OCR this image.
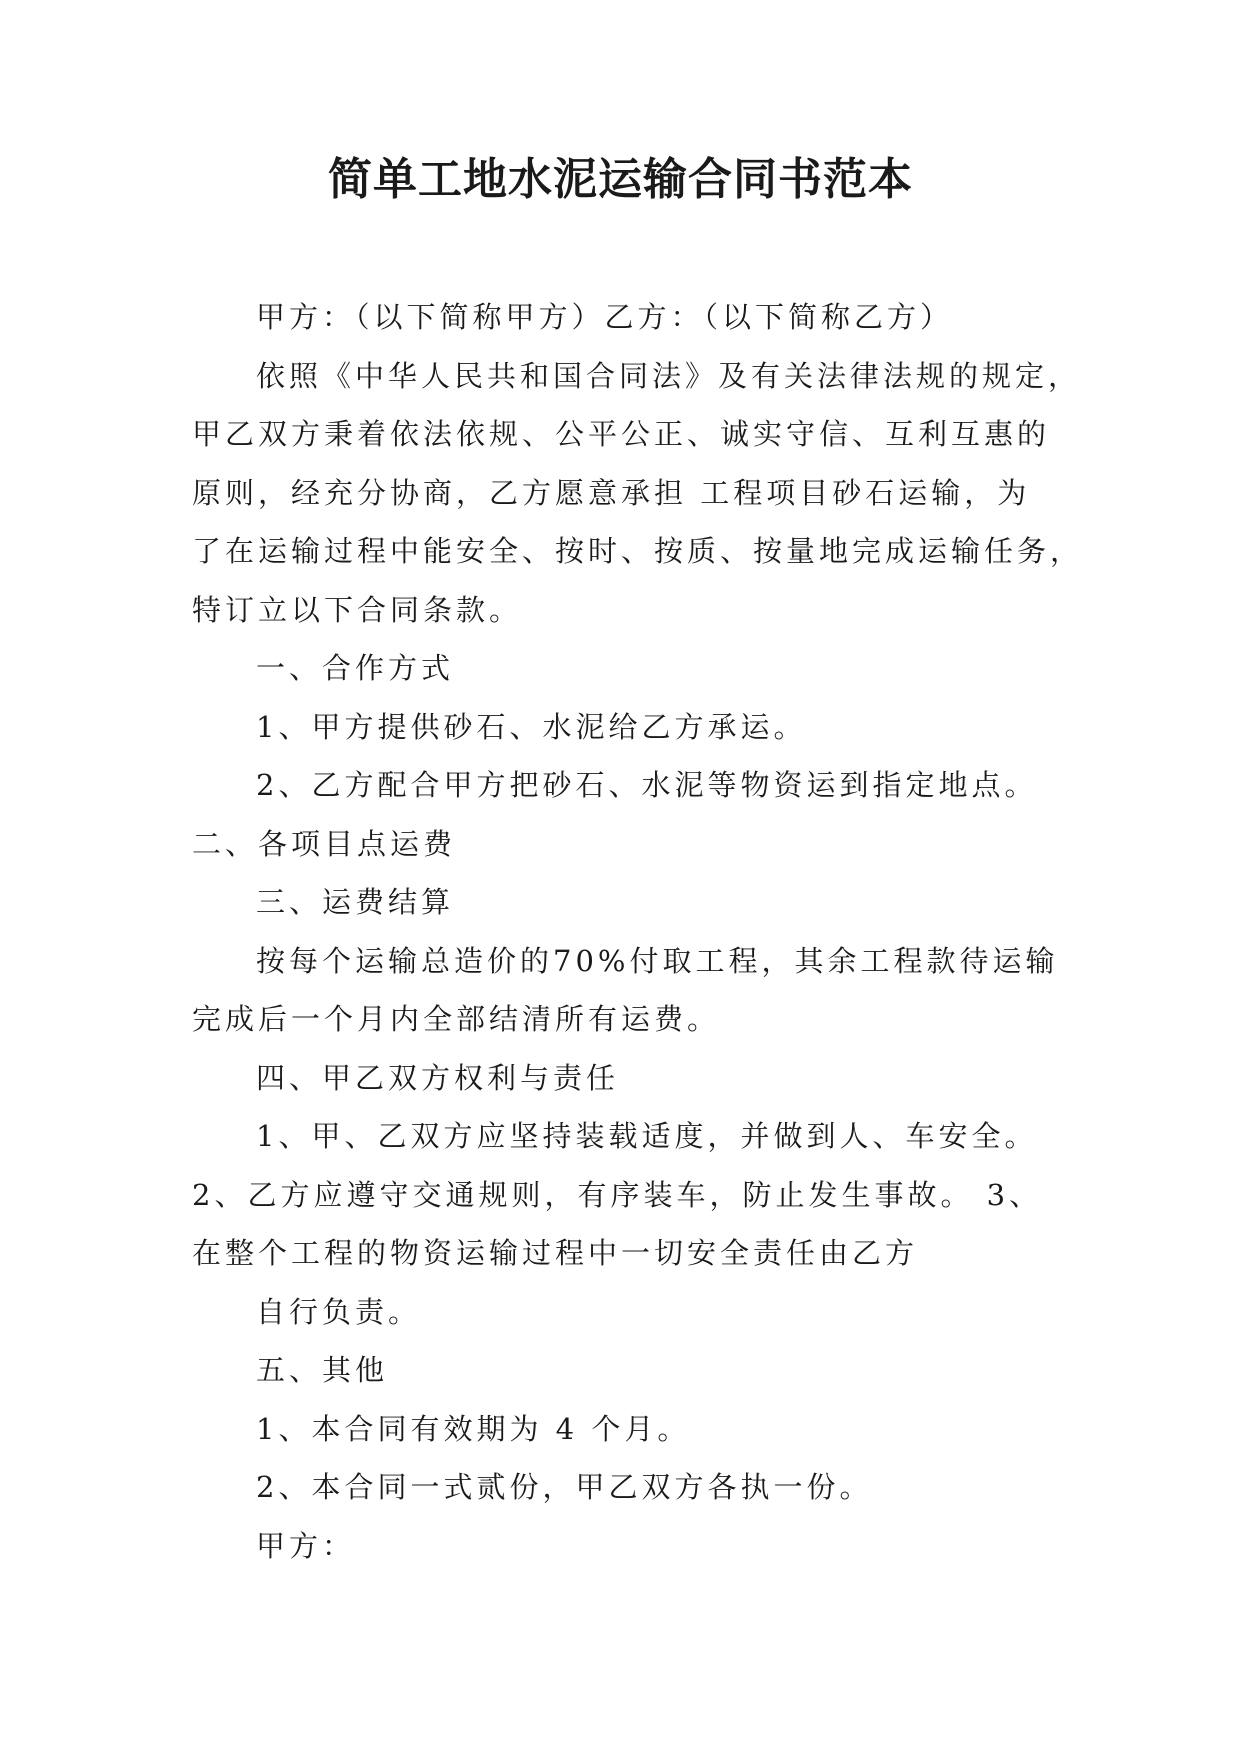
简单工地水泥运输合同书范本
甲方：（以下简称甲方）乙方：（以下简称乙方）
依照《中华人民共和国合同法》及有关法律法规的规定，
甲乙双方秉着依法依规、公平公正、诚实守信、互利互惠的
原则，经充分协商，乙方愿意承担 工程项目砂石运输，为
了在运输过程中能安全、按时、按质、按量地完成运输任务，
特订立以下合同条款。
一、合作方式
1、甲方提供砂石、水泥给乙方承运。
2、乙方配合甲方把砂石、水泥等物资运到指定地点。
二、各项目点运费
三、运费结算
按每个运输总造价的70%付取工程，其余工程款待运输
完成后一个月内全部结清所有运费。
四、甲乙双方权利与责任
1、甲、乙双方应坚持装载适度，并做到人、车安全。
2、乙方应遵守交通规则，有序装车，防止发生事故。 3、
在整个工程的物资运输过程中一切安全责任由乙方
自行负责。
五、其他
1、本合同有效期为 4 个月。
2、本合同一式贰份，甲乙双方各执一份。
甲方：
